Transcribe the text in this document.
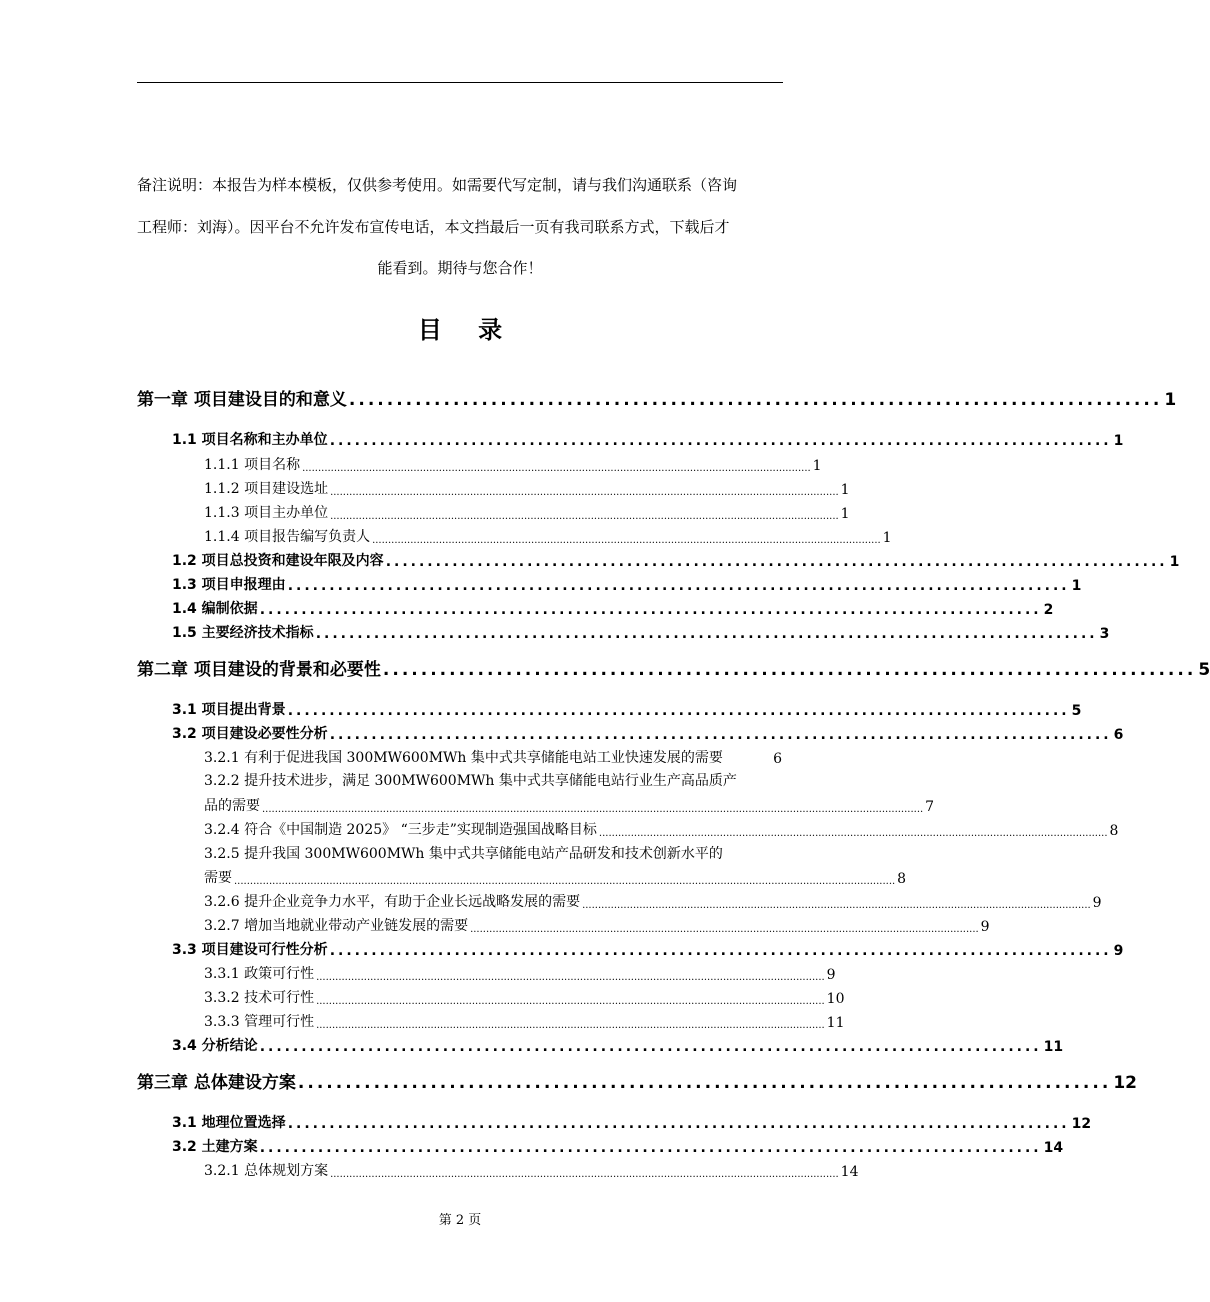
备注说明：本报告为样本模板，仅供参考使用。如需要代写定制，请与我们沟通联系（咨询
工程师：刘海）。因平台不允许发布宣传电话，本文挡最后一页有我司联系方式，下载后才
能看到。期待与您合作！
目 录
第一章 项目建设目的和意义 ...................................................................................... 1
1.1 项目名称和主办单位 .............................................................................................. 1
1.1.1 项目名称 ................................................................................................................................................................ 1
1.1.2 项目建设选址 ................................................................................................................................................................ 1
1.1.3 项目主办单位 ................................................................................................................................................................ 1
1.1.4 项目报告编写负责人 ................................................................................................................................................................ 1
1.2 项目总投资和建设年限及内容 .............................................................................................. 1
1.3 项目申报理由 .............................................................................................. 1
1.4 编制依据 .............................................................................................. 2
1.5 主要经济技术指标 .............................................................................................. 3
第二章 项目建设的背景和必要性 ...................................................................................... 5
3.1 项目提出背景 .............................................................................................. 5
3.2 项目建设必要性分析 .............................................................................................. 6
3.2.1 有利于促进我国 300MW600MWh 集中式共享储能电站工业快速发展的需要	6
3.2.2 提升技术进步，满足 300MW600MWh 集中式共享储能电站行业生产高品质产
品的需要 ................................................................................................................................................................................................................ 7
3.2.4 符合《中国制造 2025》 “三步走”实现制造强国战略目标 ................................................................................................................................................................ 8
3.2.5 提升我国 300MW600MWh 集中式共享储能电站产品研发和技术创新水平的
需要 ................................................................................................................................................................................................................ 8
3.2.6 提升企业竞争力水平，有助于企业长远战略发展的需要 ................................................................................................................................................................ 9
3.2.7 增加当地就业带动产业链发展的需要 ................................................................................................................................................................ 9
3.3 项目建设可行性分析 .............................................................................................. 9
3.3.1 政策可行性 ................................................................................................................................................................ 9
3.3.2 技术可行性 ................................................................................................................................................................ 10
3.3.3 管理可行性 ................................................................................................................................................................ 11
3.4 分析结论 .............................................................................................. 11
第三章 总体建设方案 ...................................................................................... 12
3.1 地理位置选择 .............................................................................................. 12
3.2 土建方案 .............................................................................................. 14
3.2.1 总体规划方案 ................................................................................................................................................................ 14
第 2 页
